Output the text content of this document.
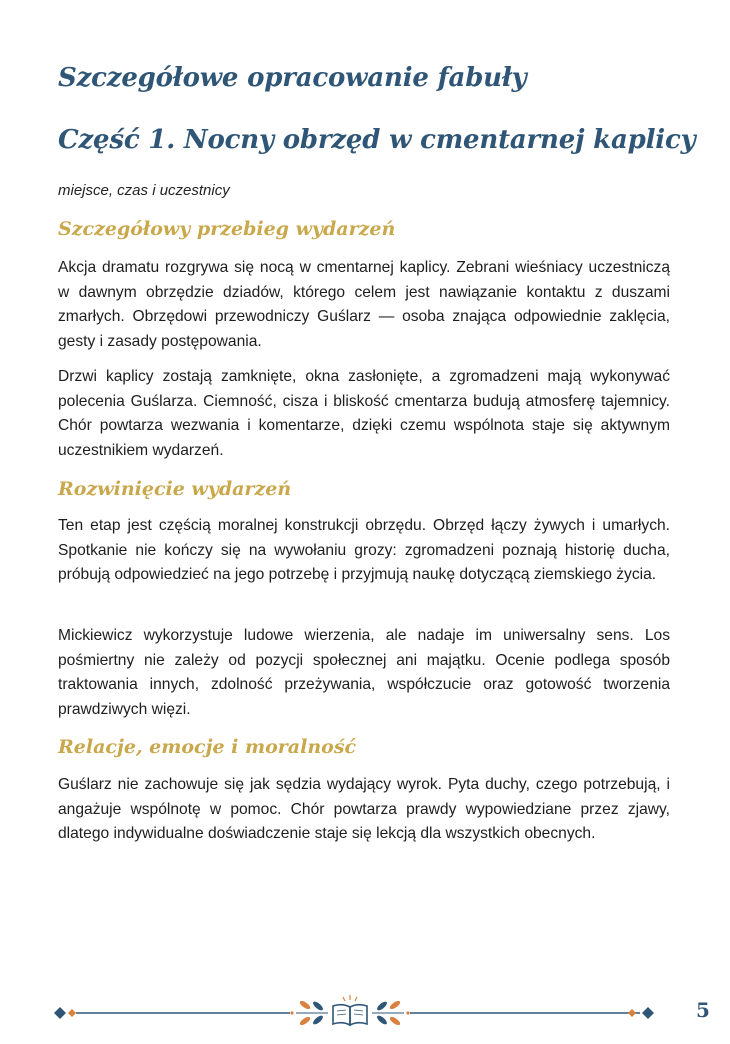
Szczegółowe opracowanie fabuły
Część 1. Nocny obrzęd w cmentarnej kaplicy
miejsce, czas i uczestnicy
Szczegółowy przebieg wydarzeń

Akcja dramatu rozgrywa się nocą w cmentarnej kaplicy. Zebrani wieśniacy uczestniczą w dawnym obrzędzie dziadów, którego celem jest nawiązanie kontaktu z duszami zmarłych. Obrzędowi przewodniczy Guślarz — osoba znająca odpowiednie zaklęcia, gesty i zasady postępowania.

Drzwi kaplicy zostają zamknięte, okna zasłonięte, a zgromadzeni mają wykonywać polecenia Guślarza. Ciemność, cisza i bliskość cmentarza budują atmosferę tajemnicy. Chór powtarza wezwania i komentarze, dzięki czemu wspólnota staje się aktywnym uczestnikiem wydarzeń.

Rozwinięcie wydarzeń

Ten etap jest częścią moralnej konstrukcji obrzędu. Obrzęd łączy żywych i umarłych. Spotkanie nie kończy się na wywołaniu grozy: zgromadzeni poznają historię ducha, próbują odpowiedzieć na jego potrzebę i przyjmują naukę dotyczącą ziemskiego życia.

Mickiewicz wykorzystuje ludowe wierzenia, ale nadaje im uniwersalny sens. Los pośmiertny nie zależy od pozycji społecznej ani majątku. Ocenie podlega sposób traktowania innych, zdolność przeżywania, współczucie oraz gotowość tworzenia prawdziwych więzi.

Relacje, emocje i moralność

Guślarz nie zachowuje się jak sędzia wydający wyrok. Pyta duchy, czego potrzebują, i angażuje wspólnotę w pomoc. Chór powtarza prawdy wypowiedziane przez zjawy, dlatego indywidualne doświadczenie staje się lekcją dla wszystkich obecnych.

5
